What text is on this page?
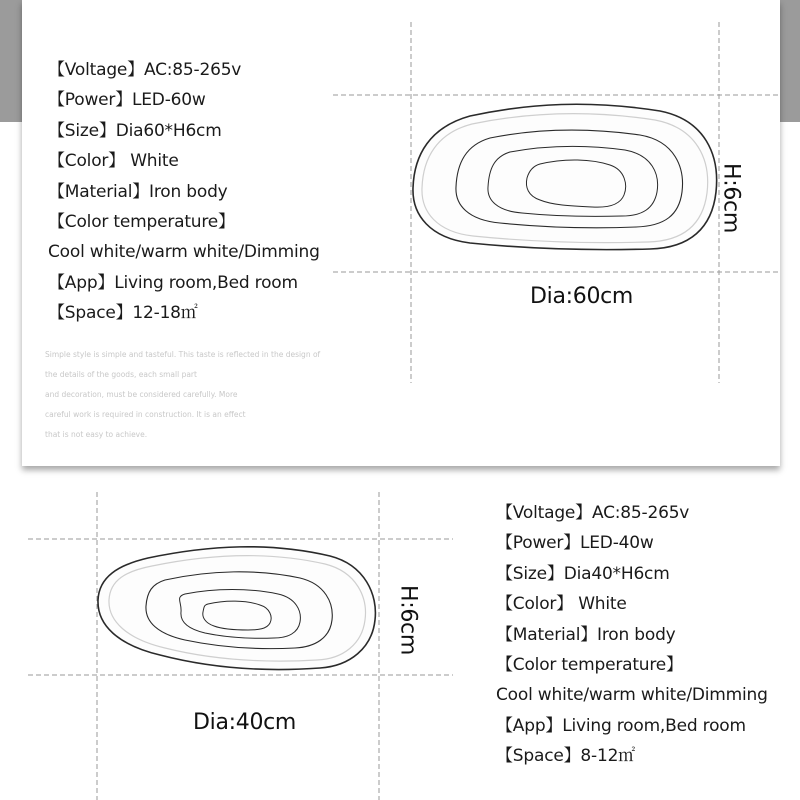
【Voltage】AC:85-265v
【Power】LED-60w
【Size】Dia60*H6cm
【Color】 White
【Material】Iron body
【Color temperature】
Cool white/warm white/Dimming
【App】Living room,Bed room
【Space】12-18㎡
Simple style is simple and tasteful. This taste is reflected in the design of
the details of the goods, each small part
and decoration, must be considered carefully. More
careful work is required in construction. It is an effect
that is not easy to achieve.
Dia:60cm
H:6cm
【Voltage】AC:85-265v
【Power】LED-40w
【Size】Dia40*H6cm
【Color】 White
【Material】Iron body
【Color temperature】
Cool white/warm white/Dimming
【App】Living room,Bed room
【Space】8-12㎡
Dia:40cm
H:6cm
